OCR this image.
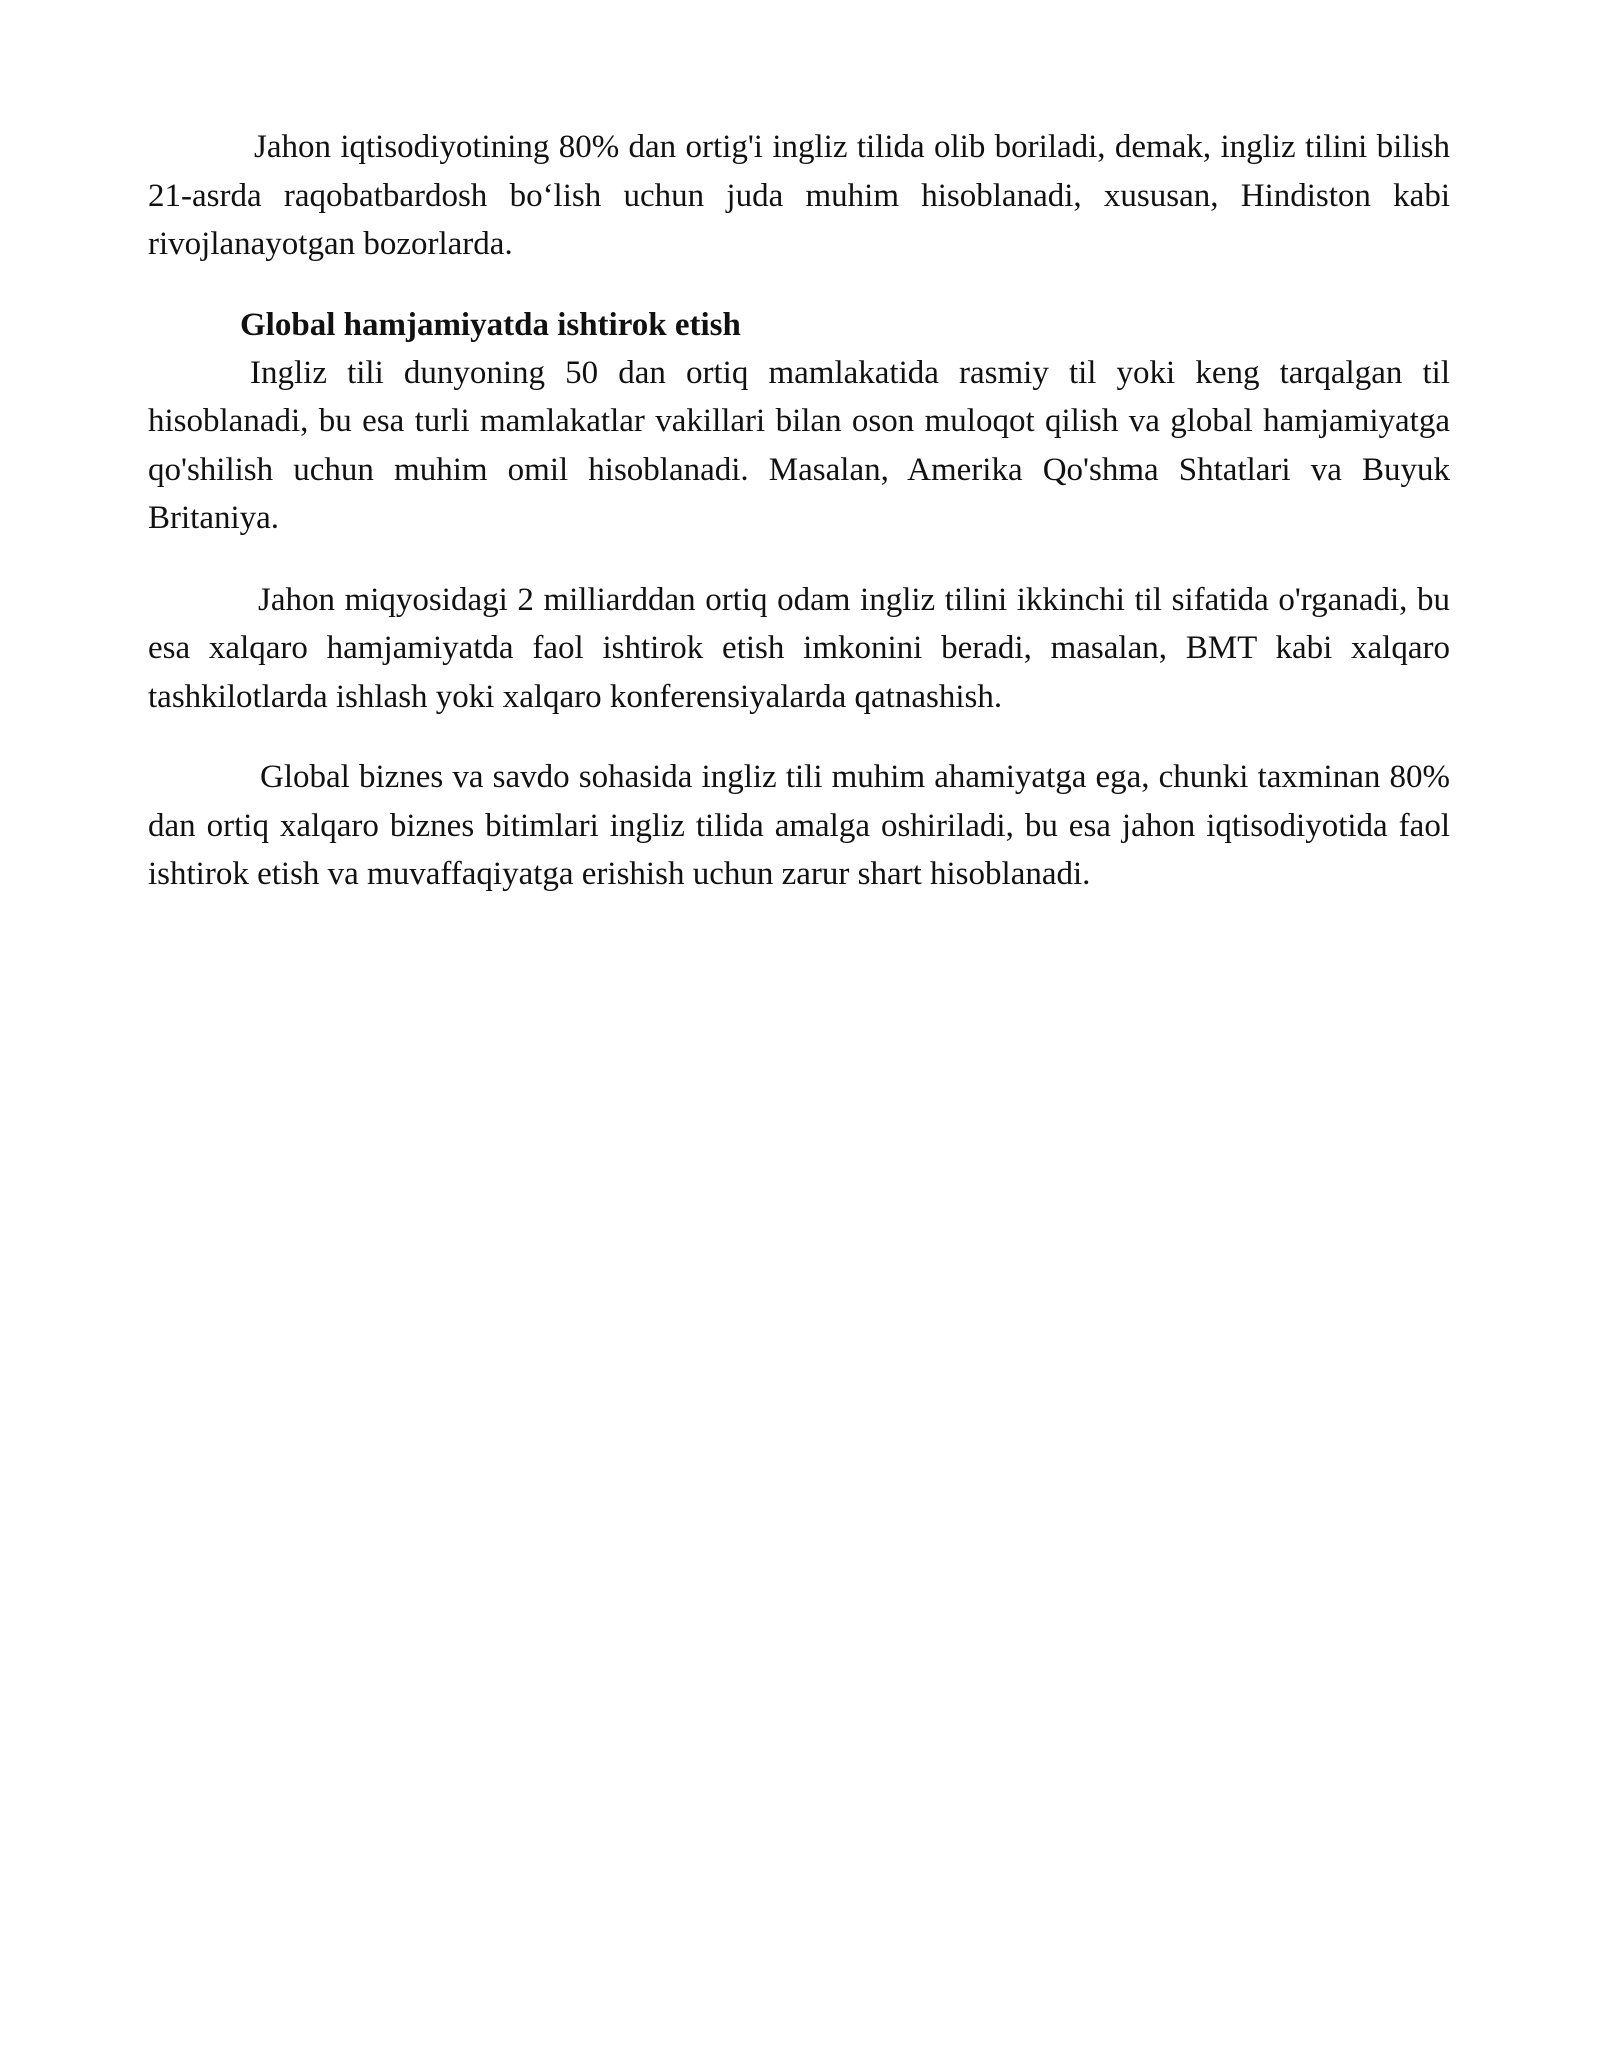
Jahon iqtisodiyotining 80% dan ortig'i ingliz tilida olib boriladi, demak, ingliz tilini bilish 21-asrda raqobatbardosh bo‘lish uchun juda muhim hisoblanadi, xususan, Hindiston kabi rivojlanayotgan bozorlarda.

Global hamjamiyatda ishtirok etish

Ingliz tili dunyoning 50 dan ortiq mamlakatida rasmiy til yoki keng tarqalgan til hisoblanadi, bu esa turli mamlakatlar vakillari bilan oson muloqot qilish va global hamjamiyatga qo'shilish uchun muhim omil hisoblanadi. Masalan, Amerika Qo'shma Shtatlari va Buyuk Britaniya.

Jahon miqyosidagi 2 milliarddan ortiq odam ingliz tilini ikkinchi til sifatida o'rganadi, bu esa xalqaro hamjamiyatda faol ishtirok etish imkonini beradi, masalan, BMT kabi xalqaro tashkilotlarda ishlash yoki xalqaro konferensiyalarda qatnashish.

Global biznes va savdo sohasida ingliz tili muhim ahamiyatga ega, chunki taxminan 80% dan ortiq xalqaro biznes bitimlari ingliz tilida amalga oshiriladi, bu esa jahon iqtisodiyotida faol ishtirok etish va muvaffaqiyatga erishish uchun zarur shart hisoblanadi.
